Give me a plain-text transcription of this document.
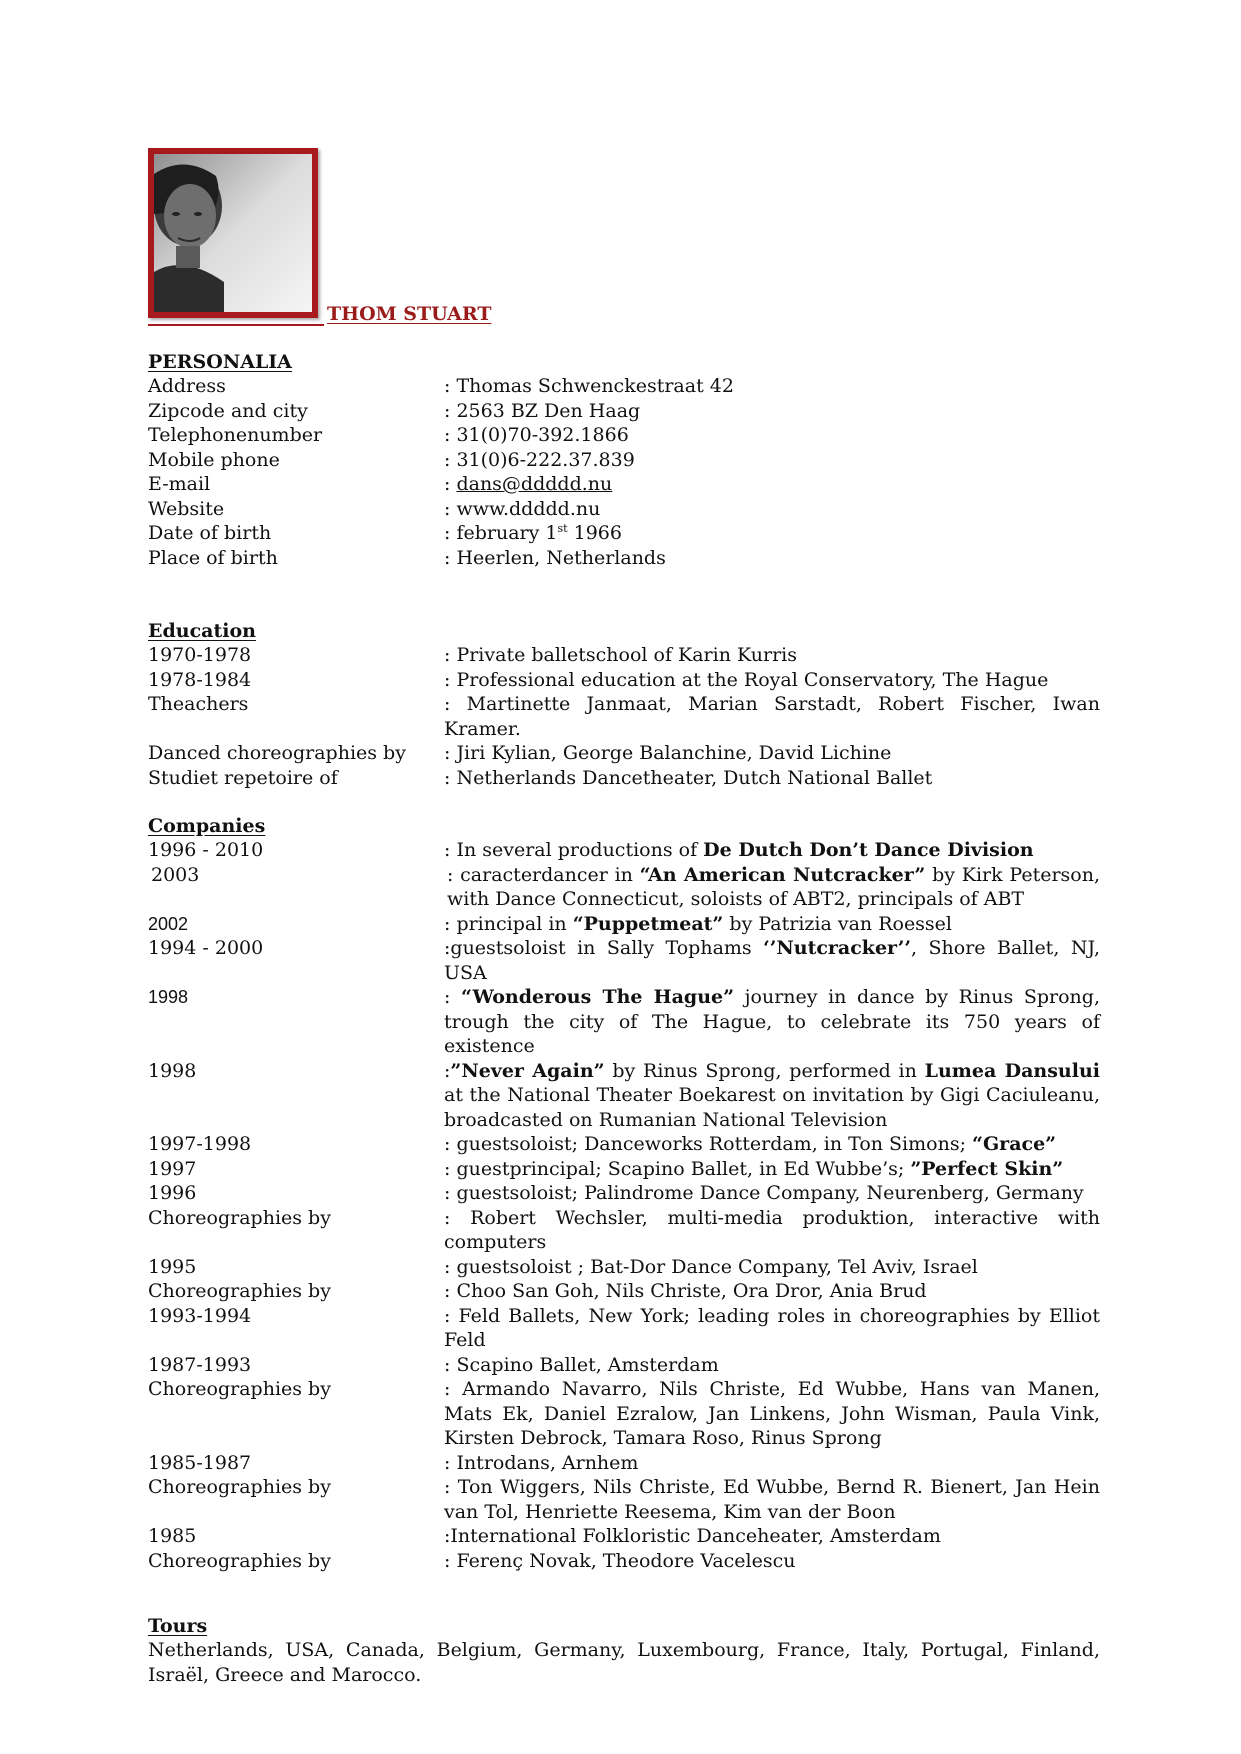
THOM STUART
PERSONALIA
Address	: Thomas Schwenckestraat 42
Zipcode and city	: 2563 BZ Den Haag
Telephonenumber	: 31(0)70-392.1866
Mobile phone	: 31(0)6-222.37.839
E-mail	: dans@ddddd.nu
Website	: www.ddddd.nu
Date of birth	: february 1st 1966
Place of birth	: Heerlen, Netherlands
Education
1970-1978	: Private balletschool of Karin Kurris
1978-1984	: Professional education at the Royal Conservatory, The Hague
Theachers	: Martinette Janmaat, Marian Sarstadt, Robert Fischer, Iwan Kramer.
Danced choreographies by	: Jiri Kylian, George Balanchine, David Lichine
Studiet repetoire of	: Netherlands Dancetheater, Dutch National Ballet
Companies
1996 - 2010	: In several productions of De Dutch Don’t Dance Division
2003	: caracterdancer in “An American Nutcracker” by Kirk Peterson, with Dance Connecticut, soloists of ABT2, principals of ABT
2002	: principal in “Puppetmeat” by Patrizia van Roessel
1994 - 2000	:guestsoloist in Sally Tophams ‘’Nutcracker’’, Shore Ballet, NJ, USA
1998	: “Wonderous The Hague” journey in dance by Rinus Sprong, trough the city of The Hague, to celebrate its 750 years of existence
1998	:”Never Again” by Rinus Sprong, performed in Lumea Dansului at the National Theater Boekarest on invitation by Gigi Caciuleanu, broadcasted on Rumanian National Television
1997-1998	: guestsoloist; Danceworks Rotterdam, in Ton Simons; “Grace”
1997	: guestprincipal; Scapino Ballet, in Ed Wubbe’s; ”Perfect Skin”
1996	: guestsoloist; Palindrome Dance Company, Neurenberg, Germany
Choreographies by	: Robert Wechsler, multi-media produktion, interactive with computers
1995	: guestsoloist ; Bat-Dor Dance Company, Tel Aviv, Israel
Choreographies by	: Choo San Goh, Nils Christe, Ora Dror, Ania Brud
1993-1994	: Feld Ballets, New York; leading roles in choreographies by Elliot Feld
1987-1993	: Scapino Ballet, Amsterdam
Choreographies by	: Armando Navarro, Nils Christe, Ed Wubbe, Hans van Manen, Mats Ek, Daniel Ezralow, Jan Linkens, John Wisman, Paula Vink, Kirsten Debrock, Tamara Roso, Rinus Sprong
1985-1987	: Introdans, Arnhem
Choreographies by	: Ton Wiggers, Nils Christe, Ed Wubbe, Bernd R. Bienert, Jan Hein van Tol, Henriette Reesema, Kim van der Boon
1985	:International Folkloristic Danceheater, Amsterdam
Choreographies by	: Ferenç Novak, Theodore Vacelescu
Tours
Netherlands, USA, Canada, Belgium, Germany, Luxembourg, France, Italy, Portugal, Finland, Israël, Greece and Marocco.
